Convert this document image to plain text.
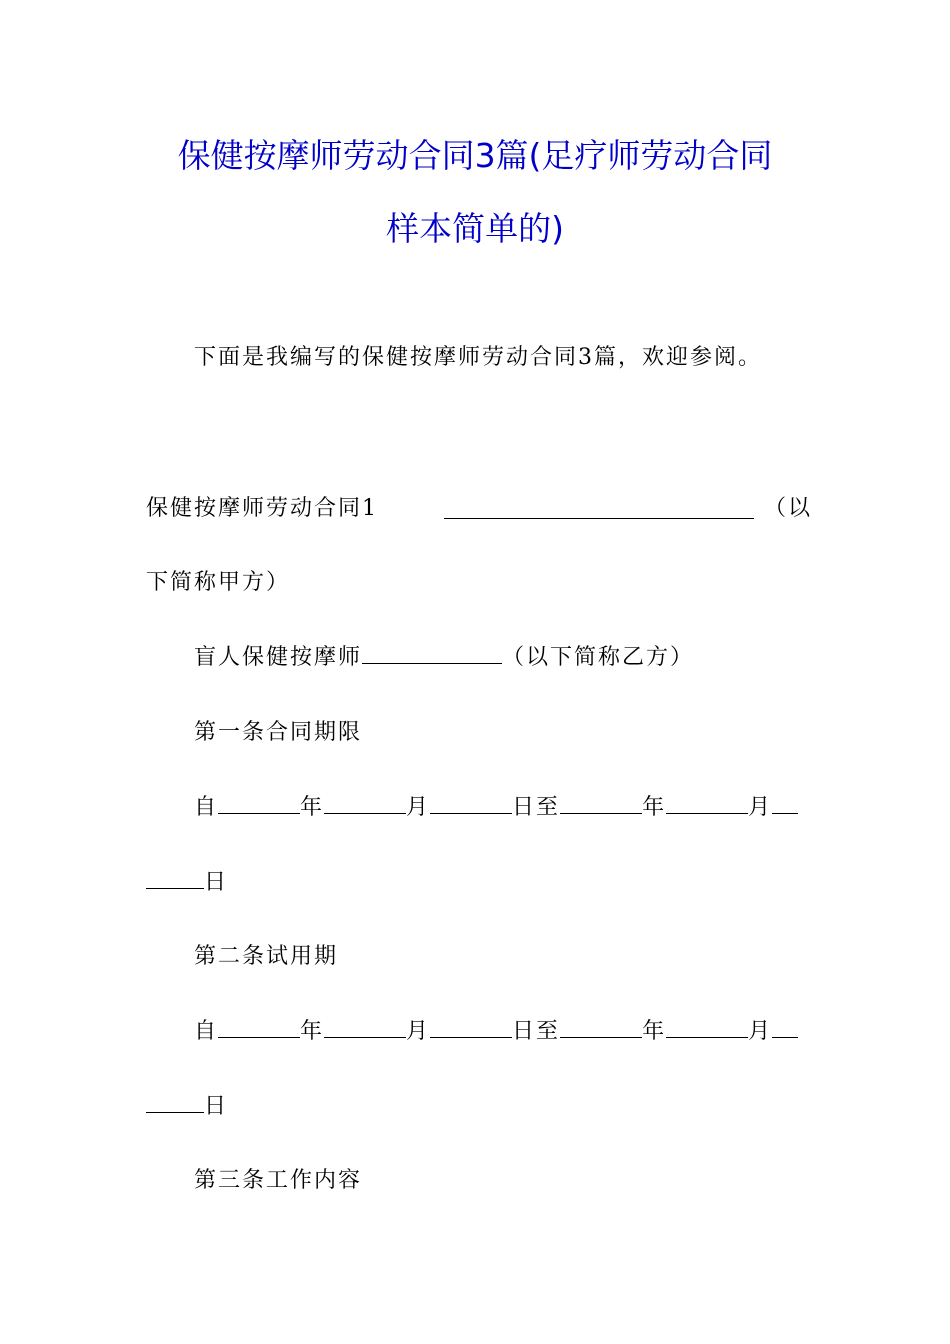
保健按摩师劳动合同3篇(足疗师劳动合同
样本简单的)
下面是我编写的保健按摩师劳动合同3篇，欢迎参阅。
保健按摩师劳动合同1	（以
下简称甲方）
盲人保健按摩师	（以下简称乙方）
第一条合同期限
自	年	月	日至	年	月
日
第二条试用期
自	年	月	日至	年	月
日
第三条工作内容
